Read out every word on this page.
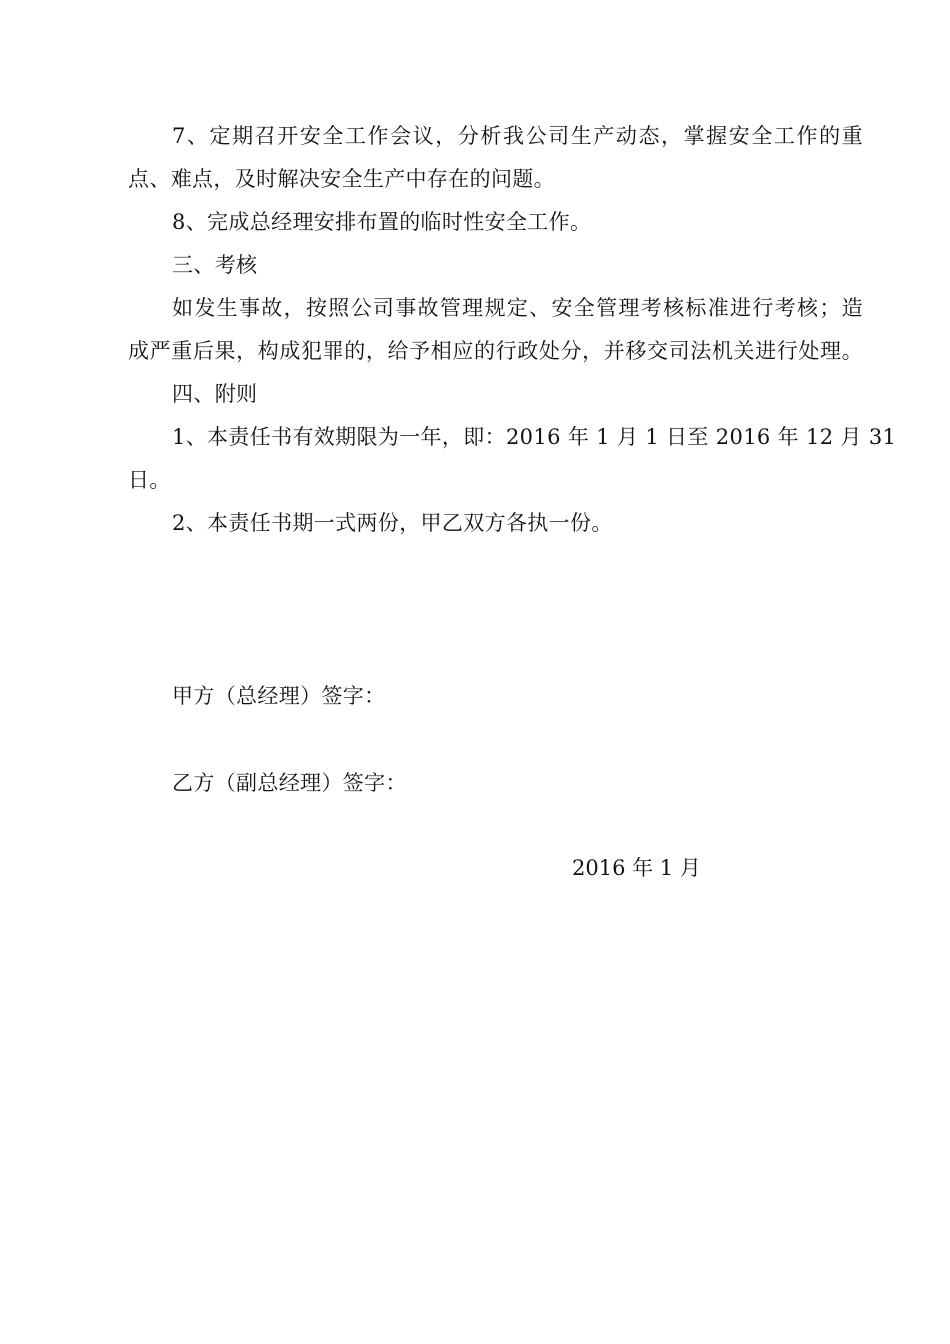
7、定期召开安全工作会议，分析我公司生产动态，掌握安全工作的重
点、难点，及时解决安全生产中存在的问题。
8、完成总经理安排布置的临时性安全工作。
三、考核
如发生事故，按照公司事故管理规定、安全管理考核标准进行考核；造
成严重后果，构成犯罪的，给予相应的行政处分，并移交司法机关进行处理。
四、附则
1、本责任书有效期限为一年，即：2016 年 1 月 1 日至 2016 年 12 月 31
日。
2、本责任书期一式两份，甲乙双方各执一份。
甲方（总经理）签字：
乙方（副总经理）签字：
2016 年 1 月
